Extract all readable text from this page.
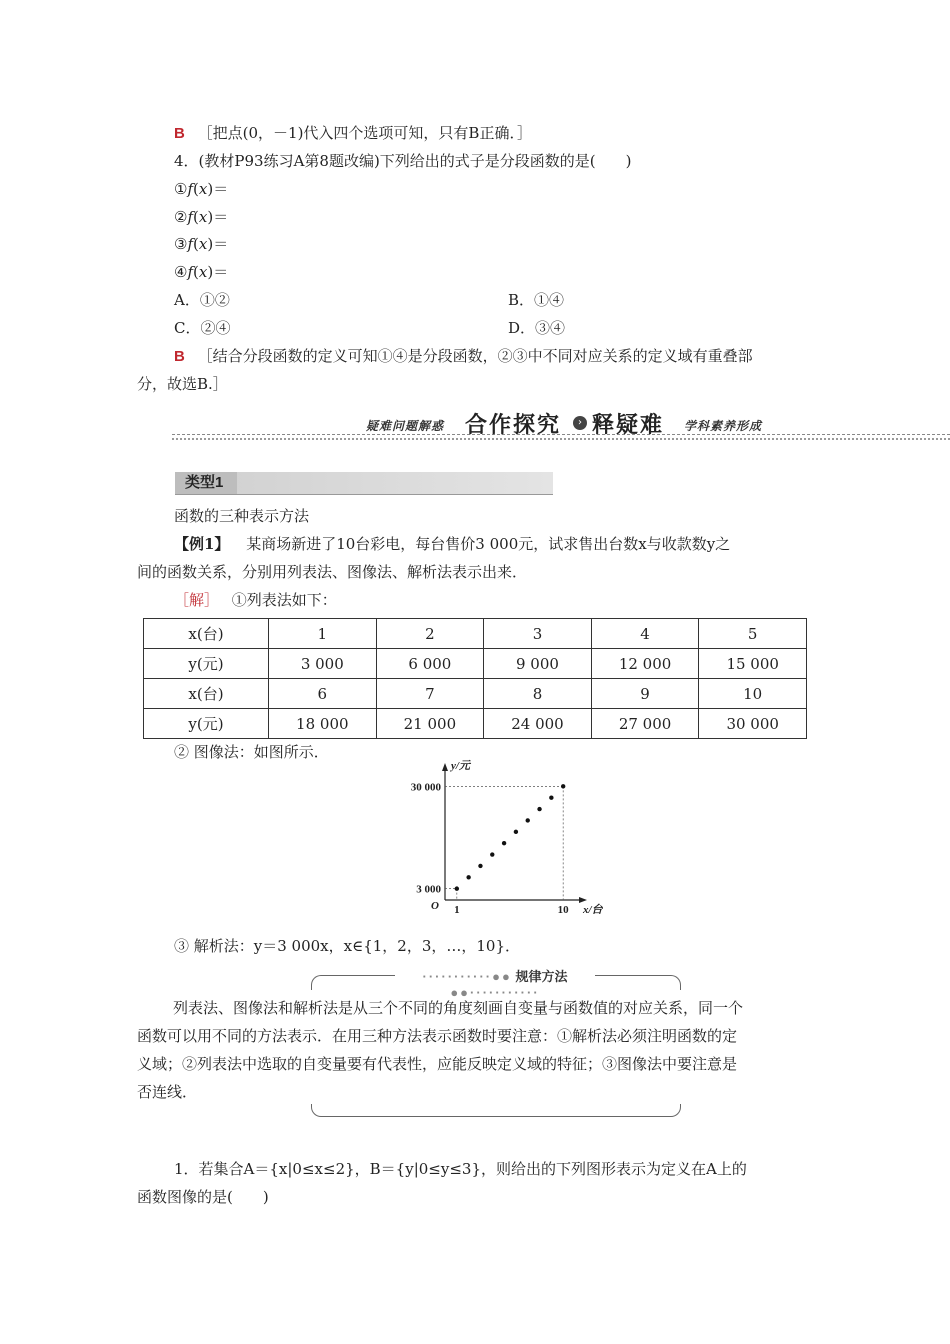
B ［把点(0，－1)代入四个选项可知，只有B正确．］
4．(教材P93练习A第8题改编)下列给出的式子是分段函数的是(　　)
①f(x)＝
②f(x)＝
③f(x)＝
④f(x)＝
A．①②	B．①④
C．②④	D．③④
B ［结合分段函数的定义可知①④是分段函数，②③中不同对应关系的定义域有重叠部
分，故选B.］
疑难问题解惑 合作探究	› 释疑难 学科素养形成
类型1
函数的三种表示方法
【例1】 某商场新进了10台彩电，每台售价3 000元，试求售出台数x与收款数y之
间的函数关系，分别用列表法、图像法、解析法表示出来．
［解］ ①列表法如下：
x(台)	1	2	3	4	5
y(元)	3 000	6 000	9 000	12 000	15 000
x(台)	6	7	8	9	10
y(元)	18 000	21 000	24 000	27 000	30 000
② 图像法：如图所示．
30 000
3 000
1	10
O
y/元
x/台
③ 解析法：y＝3 000x，x∈{1，2，3，…，10}．
···········●● 规律方法 ●●···········
列表法、图像法和解析法是从三个不同的角度刻画自变量与函数值的对应关系，同一个
函数可以用不同的方法表示．在用三种方法表示函数时要注意：①解析法必须注明函数的定
义域；②列表法中选取的自变量要有代表性，应能反映定义域的特征；③图像法中要注意是
否连线．
1．若集合A＝{x|0≤x≤2}，B＝{y|0≤y≤3}，则给出的下列图形表示为定义在A上的
函数图像的是(　　)
